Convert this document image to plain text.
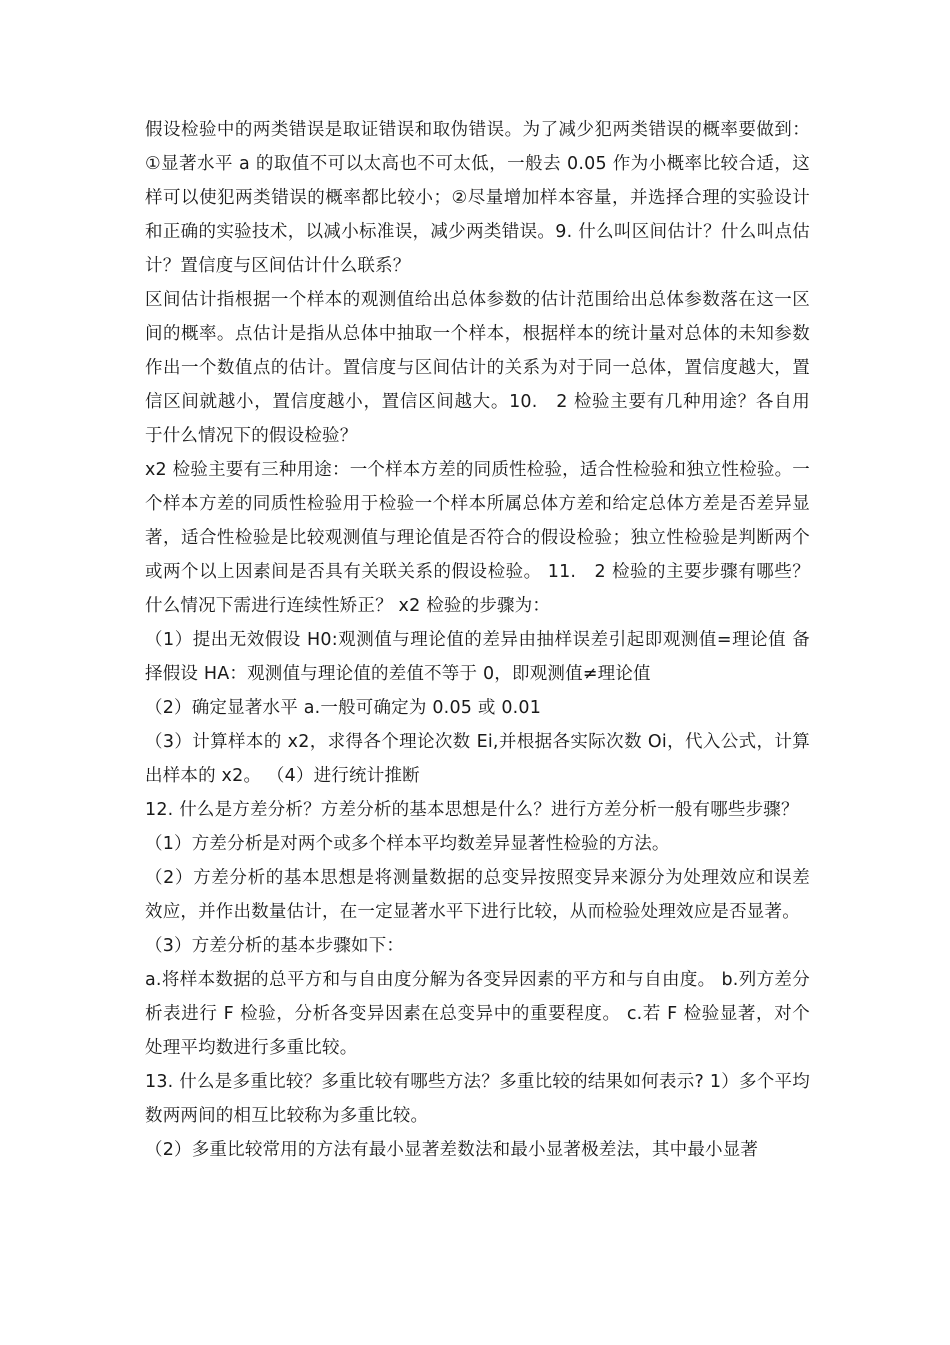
假设检验中的两类错误是取证错误和取伪错误。为了减少犯两类错误的概率要做到：①显著水平 a 的取值不可以太高也不可太低，一般去 0.05 作为小概率比较合适，这样可以使犯两类错误的概率都比较小；②尽量增加样本容量，并选择合理的实验设计和正确的实验技术，以减小标准误，减少两类错误。9. 什么叫区间估计？什么叫点估计？置信度与区间估计什么联系？

区间估计指根据一个样本的观测值给出总体参数的估计范围给出总体参数落在这一区间的概率。点估计是指从总体中抽取一个样本，根据样本的统计量对总体的未知参数作出一个数值点的估计。置信度与区间估计的关系为对于同一总体，置信度越大，置信区间就越小，置信度越小，置信区间越大。10.　2 检验主要有几种用途？各自用于什么情况下的假设检验？

x2 检验主要有三种用途：一个样本方差的同质性检验，适合性检验和独立性检验。一个样本方差的同质性检验用于检验一个样本所属总体方差和给定总体方差是否差异显著，适合性检验是比较观测值与理论值是否符合的假设检验；独立性检验是判断两个或两个以上因素间是否具有关联关系的假设检验。 11.　2 检验的主要步骤有哪些？什么情况下需进行连续性矫正？ x2 检验的步骤为：

（1）提出无效假设 H0:观测值与理论值的差异由抽样误差引起即观测值=理论值 备择假设 HA：观测值与理论值的差值不等于 0，即观测值≠理论值

（2）确定显著水平 a.一般可确定为 0.05 或 0.01

（3）计算样本的 x2，求得各个理论次数 Ei,并根据各实际次数 Oi，代入公式，计算出样本的 x2。 （4）进行统计推断

12. 什么是方差分析？方差分析的基本思想是什么？进行方差分析一般有哪些步骤？

（1）方差分析是对两个或多个样本平均数差异显著性检验的方法。

（2）方差分析的基本思想是将测量数据的总变异按照变异来源分为处理效应和误差效应，并作出数量估计，在一定显著水平下进行比较，从而检验处理效应是否显著。

（3）方差分析的基本步骤如下：

a.将样本数据的总平方和与自由度分解为各变异因素的平方和与自由度。 b.列方差分析表进行 F 检验，分析各变异因素在总变异中的重要程度。 c.若 F 检验显著，对个处理平均数进行多重比较。

13. 什么是多重比较？多重比较有哪些方法？多重比较的结果如何表示? 1）多个平均数两两间的相互比较称为多重比较。

（2）多重比较常用的方法有最小显著差数法和最小显著极差法，其中最小显著
